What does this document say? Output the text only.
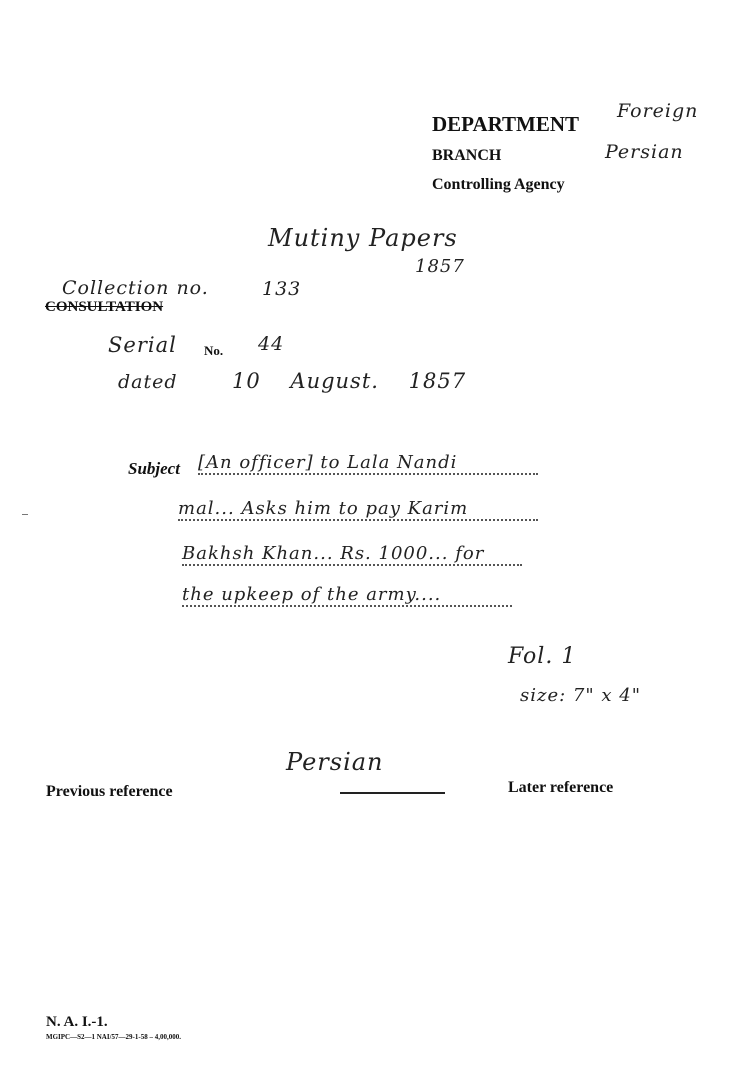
DEPARTMENT
Foreign
BRANCH	Persian
Controlling Agency
Mutiny Papers
1857
Collection no.	133
CONSULTATION
Serial No. 44
dated	10 August. 1857
Subject [An officer] to Lala Nandi
mal... Asks him to pay Karim
Bakhsh Khan... Rs. 1000... for
the upkeep of the army....
Fol. 1
size: 7" x 4"
Persian
Previous reference	Later reference
N. A. I.-1.
MGIPC—S2—1 NAI/57—29-1-58 – 4,00,000.
